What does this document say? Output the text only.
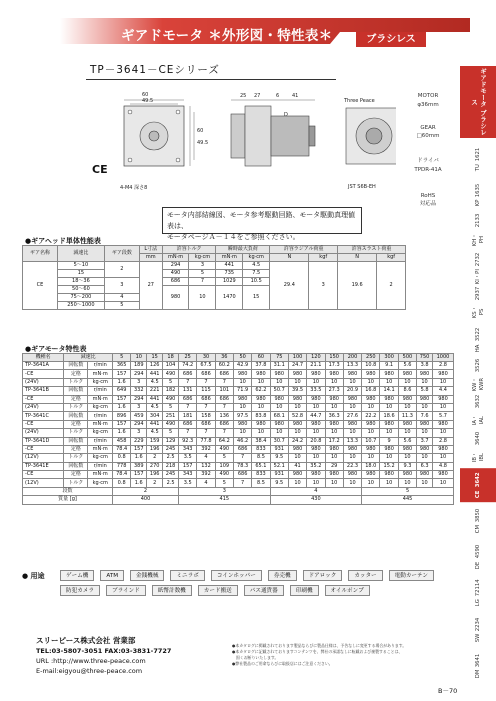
ギアドモータ ＊外形図・特性表＊	ブラシレス
TP－3641－CEシリーズ
60
49.5
60
49.5
25 27	6	41
D
Three Peace
JST S6B-EH
4‐M4 深さ8
CE
MOTOR
φ36mm
GEAR
□60mm
ドライバ
TPDR-41A
RoHS
対応品
ギアドモータ ブラシレス
TU
1621
KP
1635
KH・PH
2133
KI・PI
2732
KS・PS
2937
HA
3522
KW・KWR
3526
IA・IAL
3632
IB・IBL
3640
CE
3642
CM
3850
DE
4590
LG
72114
SW
2234
DM
3641
モータ内部結線図、モータ参考駆動回路、モータ駆動真理値表は、
モータページＡ－１４をご参照ください。
●ギアヘッド単体性能表
ギア名称	減速比	ギア段数	L寸法	許容トルク		瞬時最大負荷		許容ラジアル荷重		許容スラスト荷重	
			mm	mN·m	kg·cm	mN·m	kg·cm	N	kgf	N	kgf
CE	5～10	2	27	294	3	441	4.5	29.4	3	19.6	2
	15			490	5	735	7.5				
	18～36	3		686	7	1029	10.5				
	50～60			980	10	1470	15				
	75～200	4									
	250～1000	5									
●ギアモータ特性表
機種名	減速比		5	10	15	18	25	30	36	50	60	75	100	120	150	200	250	300	500	750	1000
TP-3641A	回転数	r/min	365	189	126	104	74.2	67.5	60.2	42.9	37.8	31.1	24.7	21.1	17.3	13.3	10.8	9.1	5.6	3.8	2.8
-CE	定格	mN·m	157	294	441	490	686	686	686	980	980	980	980	980	980	980	980	980	980	980	980
(24V)	トルク	kg·cm	1.6	3	4.5	5	7	7	7	10	10	10	10	10	10	10	10	10	10	10	10
TP-3641B	回転数	r/min	649	332	221	182	131	115	101	71.9	62.2	50.7	39.5	33.5	27.3	20.9	16.8	14.1	8.6	5.8	4.4
-CE	定格	mN·m	157	294	441	490	686	686	686	980	980	980	980	980	980	980	980	980	980	980	980
(24V)	トルク	kg·cm	1.6	3	4.5	5	7	7	7	10	10	10	10	10	10	10	10	10	10	10	10
TP-3641C	回転数	r/min	896	459	304	251	181	158	136	97.5	83.8	68.1	52.8	44.7	36.3	27.6	22.2	18.6	11.3	7.6	5.7
-CE	定格	mN·m	157	294	441	490	686	686	686	980	980	980	980	980	980	980	980	980	980	980	980
(24V)	トルク	kg·cm	1.6	3	4.5	5	7	7	7	10	10	10	10	10	10	10	10	10	10	10	10
TP-3641D	回転数	r/min	458	229	159	129	92.3	77.8	64.2	46.2	38.4	30.7	24.2	20.8	17.2	13.3	10.7	9	5.6	3.7	2.8
-CE	定格	mN·m	78.4	157	196	245	343	392	490	686	833	931	980	980	980	980	980	980	980	980	980
(12V)	トルク	kg·cm	0.8	1.6	2	2.5	3.5	4	5	7	8.5	9.5	10	10	10	10	10	10	10	10	10
TP-3641E	回転数	r/min	778	389	270	218	157	132	109	78.3	65.1	52.1	41	35.2	29	22.3	18.0	15.2	9.3	6.3	4.8
-CE	定格	mN·m	78.4	157	196	245	343	392	490	686	833	931	980	980	980	980	980	980	980	980	980
(12V)	トルク	kg·cm	0.8	1.6	2	2.5	3.5	4	5	7	8.5	9.5	10	10	10	10	10	10	10	10	10
段数			2				3					4					5				
質量 [g]			400				415					430					445				
● 用途	ゲーム機	ATM	金銭機械	ミニラボ	コインホッパー	券売機	ドアロック	カッター	電動カーテン
防犯カメラ	ブラインド	紙幣計数機	カード搬送	パス通貨器	印刷機	オイルポンプ
スリーピース株式会社 営業部
TEL:03-5807-3051 FAX:03-3831-7727
URL :http://www.three-peace.com
E-mail:eigyou@three-peace.com
●本カタログに掲載されております製品ならびに製品仕様は、予告なしに変更する場合があります。
●本カタログに記載されておりますコンテンツを、弊社の承諾なしに転載および複製することは、
　固くお断りいたします。
●弊社製品のご用命ならびに取扱店にはご注意ください。
B－70
